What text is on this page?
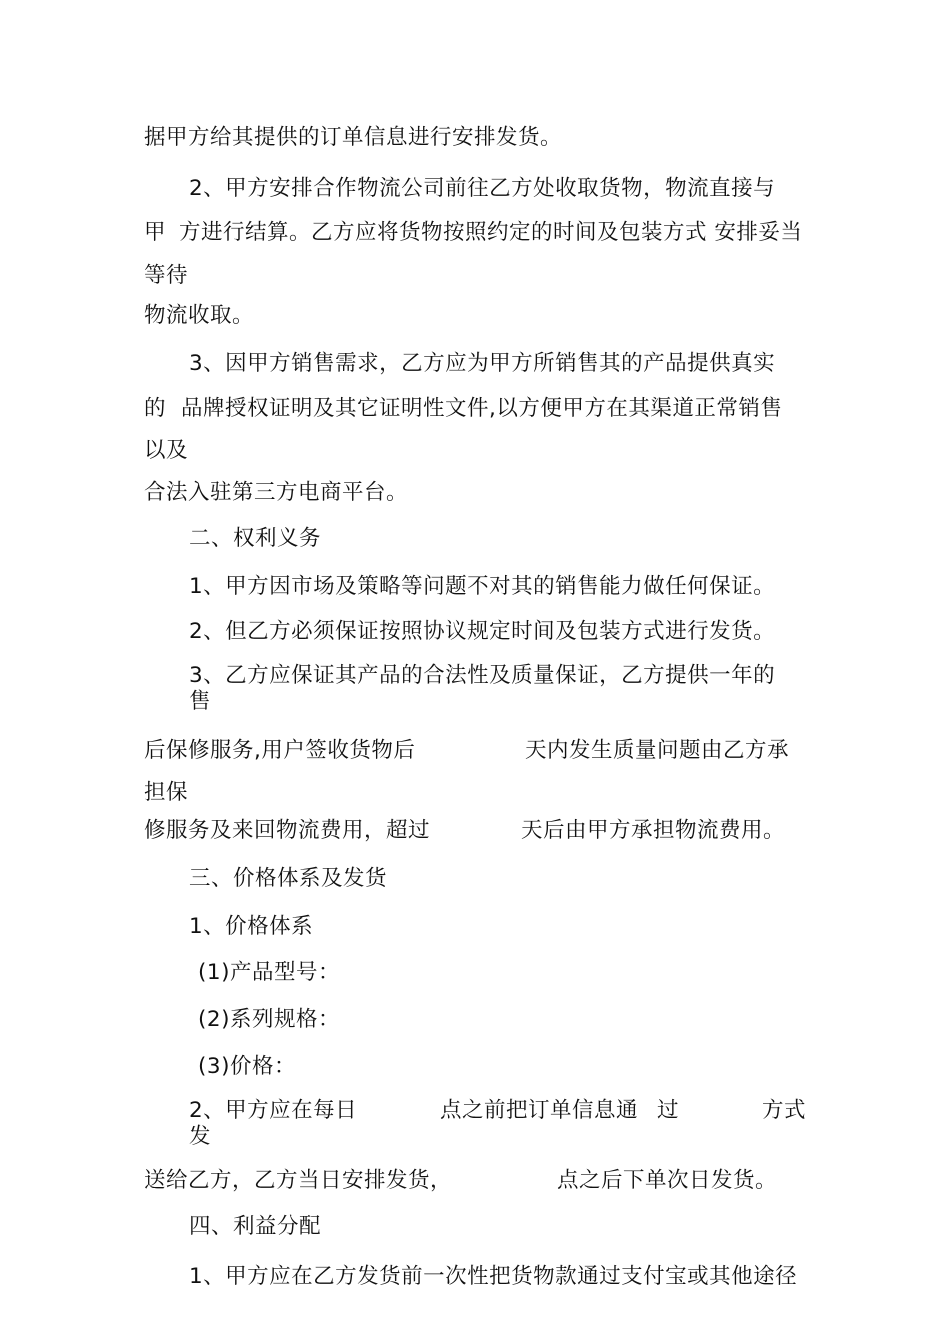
据甲方给其提供的订单信息进行安排发货。
2、甲方安排合作物流公司前往乙方处收取货物，物流直接与
甲 方进行结算。乙方应将货物按照约定的时间及包装方式 安排妥当
等待
物流收取。
3、因甲方销售需求，乙方应为甲方所销售其的产品提供真实
的 品牌授权证明及其它证明性文件,以方便甲方在其渠道正常销售
以及
合法入驻第三方电商平台。
二、权利义务
1、甲方因市场及策略等问题不对其的销售能力做任何保证。
2、但乙方必须保证按照协议规定时间及包装方式进行发货。
3、乙方应保证其产品的合法性及质量保证，乙方提供一年的
售
后保修服务,用户签收货物后	天内发生质量问题由乙方承
担保
修服务及来回物流费用，超过	天后由甲方承担物流费用。
三、价格体系及发货
1、价格体系
(1)产品型号：
(2)系列规格：
(3)价格：
2、甲方应在每日	点之前把订单信息通 过	方式
发
送给乙方，乙方当日安排发货，	点之后下单次日发货。
四、利益分配
1、甲方应在乙方发货前一次性把货物款通过支付宝或其他途径
